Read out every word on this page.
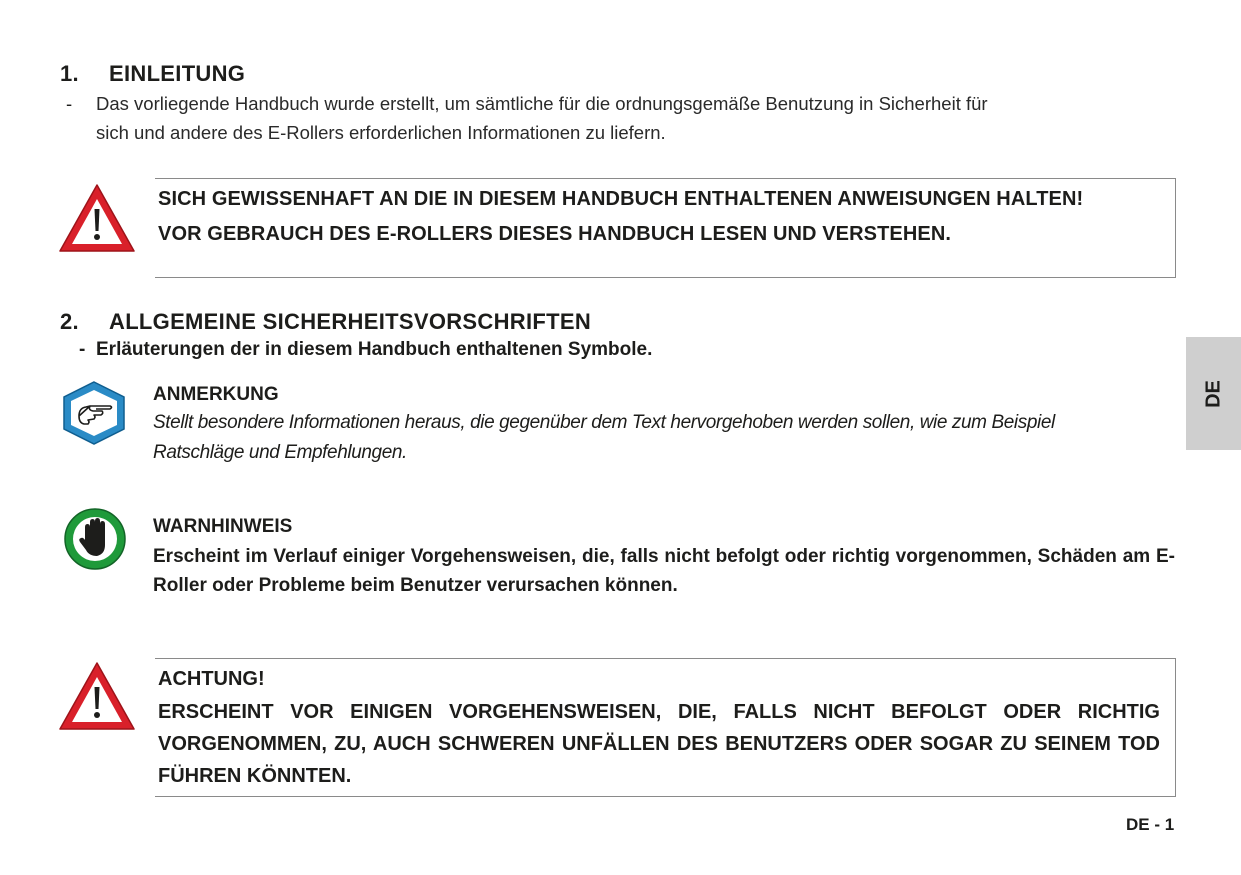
1. EINLEITUNG
- Das vorliegende Handbuch wurde erstellt, um sämtliche für die ordnungsgemäße Benutzung in Sicherheit für
sich und andere des E-Rollers erforderlichen Informationen zu liefern.
SICH GEWISSENHAFT AN DIE IN DIESEM HANDBUCH ENTHALTENEN ANWEISUNGEN HALTEN!
VOR GEBRAUCH DES E-ROLLERS DIESES HANDBUCH LESEN UND VERSTEHEN.
2. ALLGEMEINE SICHERHEITSVORSCHRIFTEN
- Erläuterungen der in diesem Handbuch enthaltenen Symbole.
ANMERKUNG
Stellt besondere Informationen heraus, die gegenüber dem Text hervorgehoben werden sollen, wie zum Beispiel
Ratschläge und Empfehlungen.
WARNHINWEIS
Erscheint im Verlauf einiger Vorgehensweisen, die, falls nicht befolgt oder richtig vorgenommen, Schäden am E-Roller oder Probleme beim Benutzer verursachen können.
ACHTUNG!
ERSCHEINT VOR EINIGEN VORGEHENSWEISEN, DIE, FALLS NICHT BEFOLGT ODER RICHTIG VORGENOMMEN, ZU, AUCH SCHWEREN UNFÄLLEN DES BENUTZERS ODER SOGAR ZU SEINEM TOD FÜHREN KÖNNTEN.
DE
DE - 1
